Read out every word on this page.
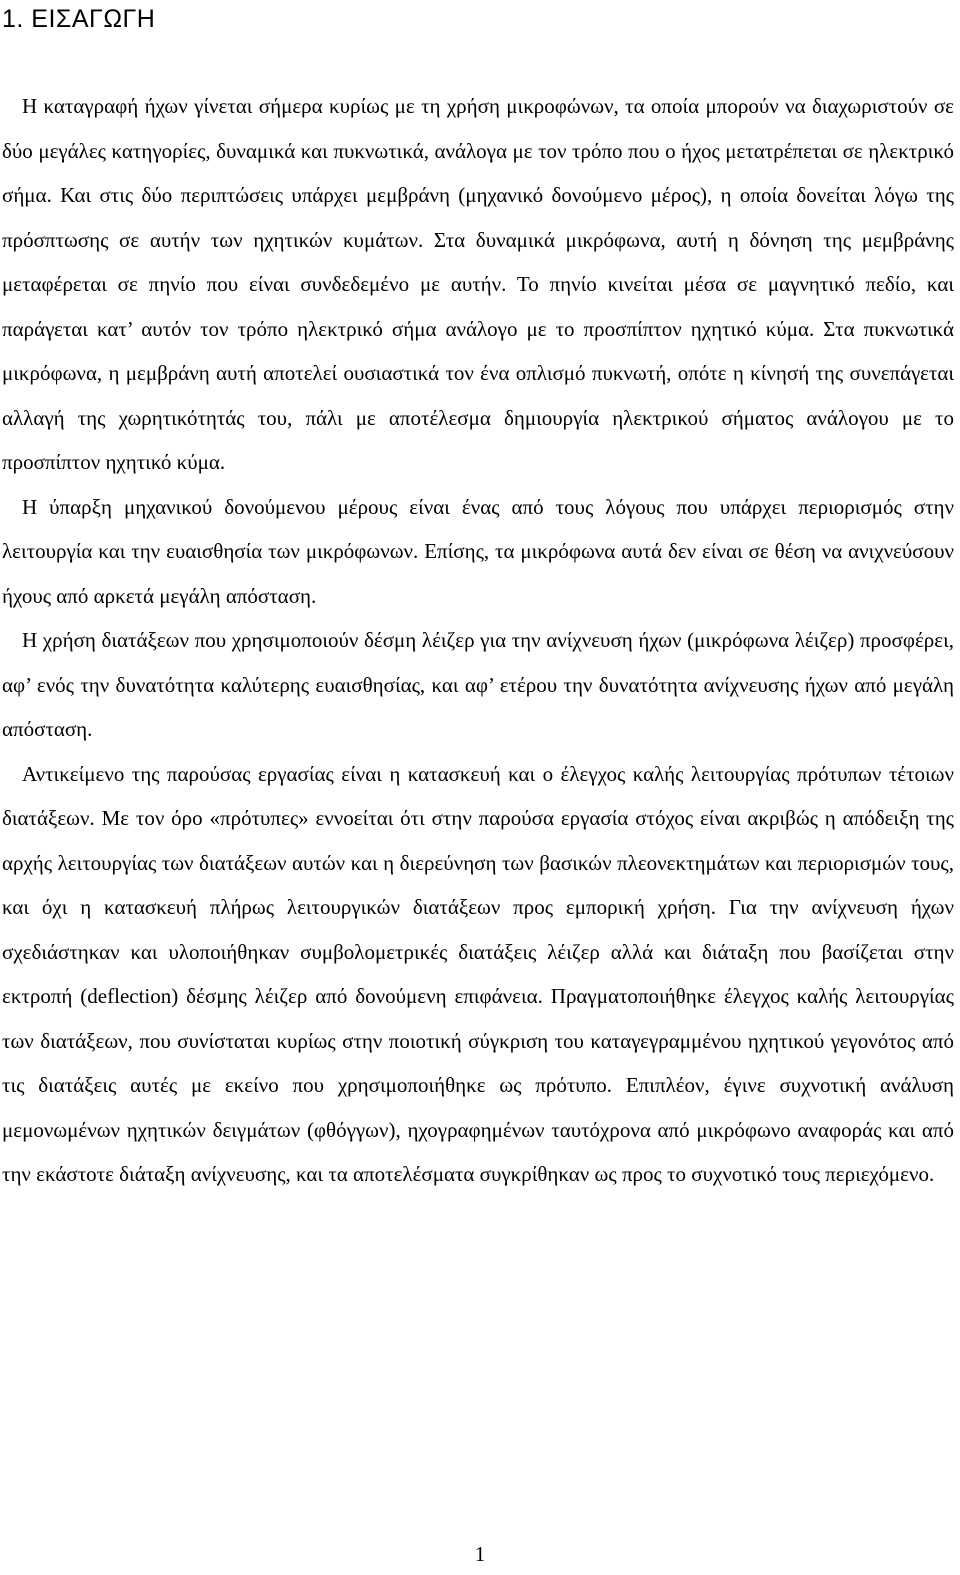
1. ΕΙΣΑΓΩΓΗ

Η καταγραφή ήχων γίνεται σήμερα κυρίως με τη χρήση μικροφώνων, τα οποία μπορούν να διαχωριστούν σε δύο μεγάλες κατηγορίες, δυναμικά και πυκνωτικά, ανάλογα με τον τρόπο που ο ήχος μετατρέπεται σε ηλεκτρικό σήμα. Και στις δύο περιπτώσεις υπάρχει μεμβράνη (μηχανικό δονούμενο μέρος), η οποία δονείται λόγω της πρόσπτωσης σε αυτήν των ηχητικών κυμάτων. Στα δυναμικά μικρόφωνα, αυτή η δόνηση της μεμβράνης μεταφέρεται σε πηνίο που είναι συνδεδεμένο με αυτήν. Το πηνίο κινείται μέσα σε μαγνητικό πεδίο, και παράγεται κατ’ αυτόν τον τρόπο ηλεκτρικό σήμα ανάλογο με το προσπίπτον ηχητικό κύμα. Στα πυκνωτικά μικρόφωνα, η μεμβράνη αυτή αποτελεί ουσιαστικά τον ένα οπλισμό πυκνωτή, οπότε η κίνησή της συνεπάγεται αλλαγή της χωρητικότητάς του, πάλι με αποτέλεσμα δημιουργία ηλεκτρικού σήματος ανάλογου με το προσπίπτον ηχητικό κύμα.

Η ύπαρξη μηχανικού δονούμενου μέρους είναι ένας από τους λόγους που υπάρχει περιορισμός στην λειτουργία και την ευαισθησία των μικρόφωνων. Επίσης, τα μικρόφωνα αυτά δεν είναι σε θέση να ανιχνεύσουν ήχους από αρκετά μεγάλη απόσταση.

Η χρήση διατάξεων που χρησιμοποιούν δέσμη λέιζερ για την ανίχνευση ήχων (μικρόφωνα λέιζερ) προσφέρει, αφ’ ενός την δυνατότητα καλύτερης ευαισθησίας, και αφ’ ετέρου την δυνατότητα ανίχνευσης ήχων από μεγάλη απόσταση.

Αντικείμενο της παρούσας εργασίας είναι η κατασκευή και ο έλεγχος καλής λειτουργίας πρότυπων τέτοιων διατάξεων. Με τον όρο «πρότυπες» εννοείται ότι στην παρούσα εργασία στόχος είναι ακριβώς η απόδειξη της αρχής λειτουργίας των διατάξεων αυτών και η διερεύνηση των βασικών πλεονεκτημάτων και περιορισμών τους, και όχι η κατασκευή πλήρως λειτουργικών διατάξεων προς εμπορική χρήση. Για την ανίχνευση ήχων σχεδιάστηκαν και υλοποιήθηκαν συμβολομετρικές διατάξεις λέιζερ αλλά και διάταξη που βασίζεται στην εκτροπή (deflection) δέσμης λέιζερ από δονούμενη επιφάνεια. Πραγματοποιήθηκε έλεγχος καλής λειτουργίας των διατάξεων, που συνίσταται κυρίως στην ποιοτική σύγκριση του καταγεγραμμένου ηχητικού γεγονότος από τις διατάξεις αυτές με εκείνο που χρησιμοποιήθηκε ως πρότυπο. Επιπλέον, έγινε συχνοτική ανάλυση μεμονωμένων ηχητικών δειγμάτων (φθόγγων), ηχογραφημένων ταυτόχρονα από μικρόφωνο αναφοράς και από την εκάστοτε διάταξη ανίχνευσης, και τα αποτελέσματα συγκρίθηκαν ως προς το συχνοτικό τους περιεχόμενο.

1
